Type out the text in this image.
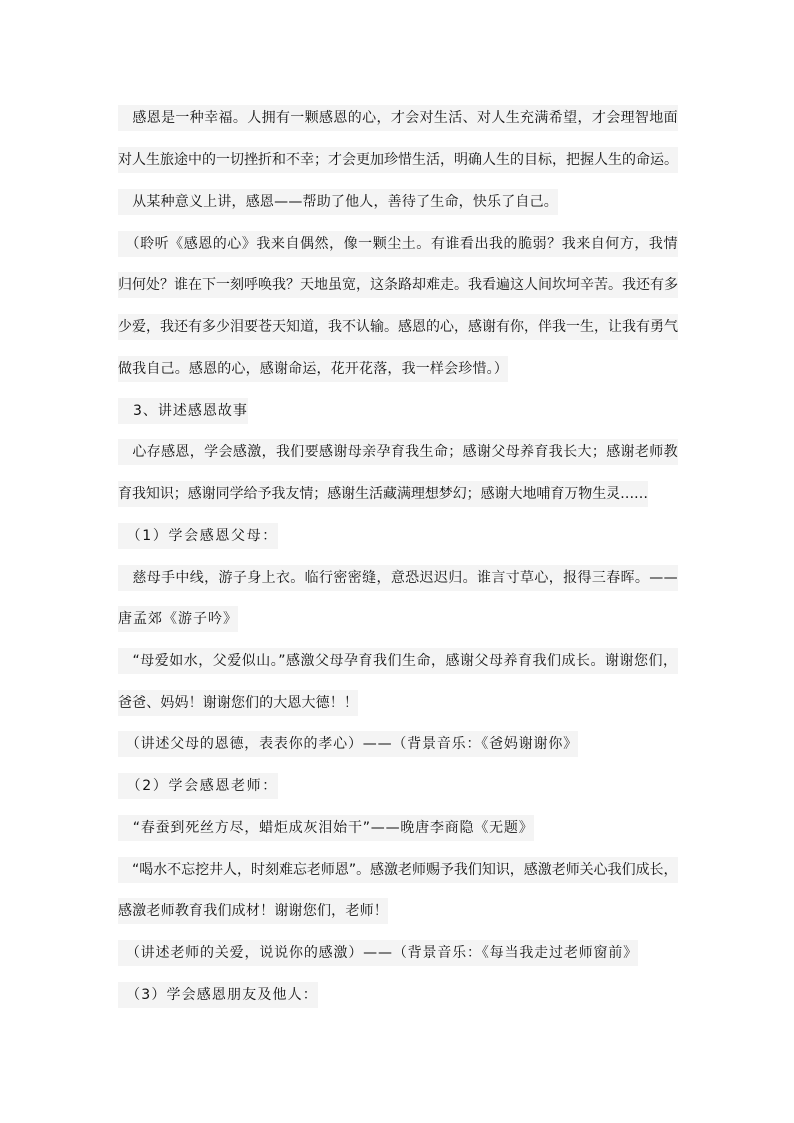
　感恩是一种幸福。人拥有一颗感恩的心，才会对生活、对人生充满希望，才会理智地面
对人生旅途中的一切挫折和不幸；才会更加珍惜生活，明确人生的目标，把握人生的命运。
　从某种意义上讲，感恩——帮助了他人，善待了生命，快乐了自己。
　（聆听《感恩的心》我来自偶然，像一颗尘土。有谁看出我的脆弱？我来自何方，我情
归何处？谁在下一刻呼唤我？天地虽宽，这条路却难走。我看遍这人间坎坷辛苦。我还有多
少爱，我还有多少泪要苍天知道，我不认输。感恩的心，感谢有你，伴我一生，让我有勇气
做我自己。感恩的心，感谢命运，花开花落，我一样会珍惜。）
　3、讲述感恩故事
　心存感恩，学会感激，我们要感谢母亲孕育我生命；感谢父母养育我长大；感谢老师教
育我知识；感谢同学给予我友情；感谢生活藏满理想梦幻；感谢大地哺育万物生灵……
　（1）学会感恩父母：
　慈母手中线，游子身上衣。临行密密缝，意恐迟迟归。谁言寸草心，报得三春晖。——
唐孟郊《游子吟》
　“母爱如水，父爱似山。”感激父母孕育我们生命，感谢父母养育我们成长。谢谢您们，
爸爸、妈妈！谢谢您们的大恩大德！！
　（讲述父母的恩德，表表你的孝心）——（背景音乐：《爸妈谢谢你》
　（2）学会感恩老师：
　“春蚕到死丝方尽，蜡炬成灰泪始干”——晚唐李商隐《无题》
　“喝水不忘挖井人，时刻难忘老师恩”。感激老师赐予我们知识，感激老师关心我们成长，
感激老师教育我们成材！谢谢您们，老师！
　（讲述老师的关爱，说说你的感激）——（背景音乐：《每当我走过老师窗前》
　（3）学会感恩朋友及他人：
